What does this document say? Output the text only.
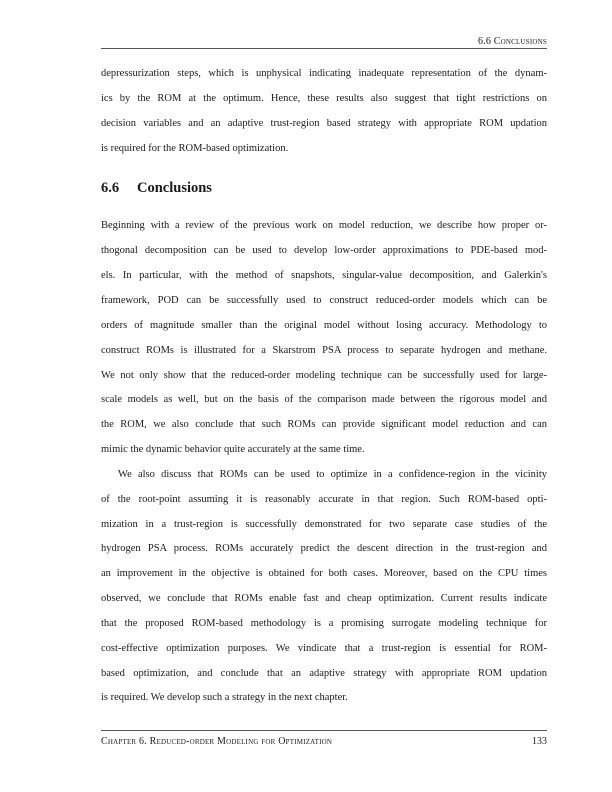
6.6 Conclusions
depressurization steps, which is unphysical indicating inadequate representation of the dynam-
ics by the ROM at the optimum. Hence, these results also suggest that tight restrictions on
decision variables and an adaptive trust-region based strategy with appropriate ROM updation
is required for the ROM-based optimization.
6.6 Conclusions
Beginning with a review of the previous work on model reduction, we describe how proper or-
thogonal decomposition can be used to develop low-order approximations to PDE-based mod-
els. In particular, with the method of snapshots, singular-value decomposition, and Galerkin's
framework, POD can be successfully used to construct reduced-order models which can be
orders of magnitude smaller than the original model without losing accuracy. Methodology to
construct ROMs is illustrated for a Skarstrom PSA process to separate hydrogen and methane.
We not only show that the reduced-order modeling technique can be successfully used for large-
scale models as well, but on the basis of the comparison made between the rigorous model and
the ROM, we also conclude that such ROMs can provide significant model reduction and can
mimic the dynamic behavior quite accurately at the same time.
We also discuss that ROMs can be used to optimize in a confidence-region in the vicinity
of the root-point assuming it is reasonably accurate in that region. Such ROM-based opti-
mization in a trust-region is successfully demonstrated for two separate case studies of the
hydrogen PSA process. ROMs accurately predict the descent direction in the trust-region and
an improvement in the objective is obtained for both cases. Moreover, based on the CPU times
observed, we conclude that ROMs enable fast and cheap optimization. Current results indicate
that the proposed ROM-based methodology is a promising surrogate modeling technique for
cost-effective optimization purposes. We vindicate that a trust-region is essential for ROM-
based optimization, and conclude that an adaptive strategy with appropriate ROM updation
is required. We develop such a strategy in the next chapter.
Chapter 6. Reduced-order Modeling for Optimization	133
